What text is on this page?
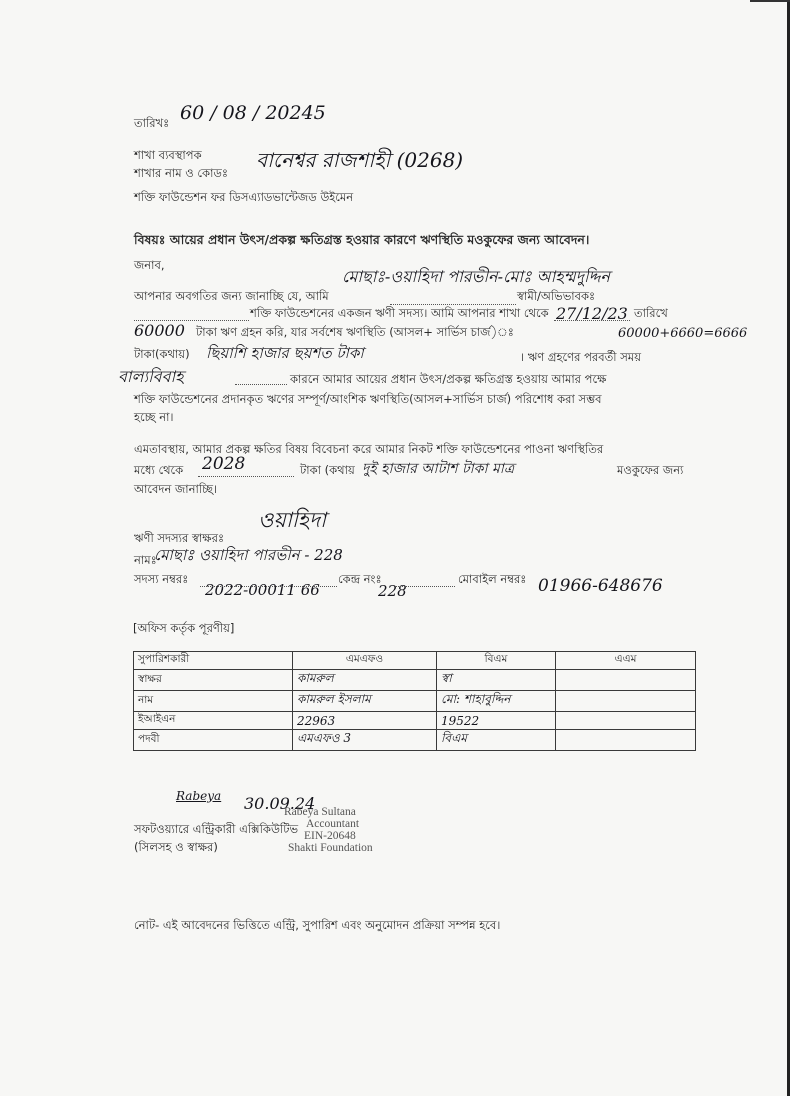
তারিখঃ 60 / 08 / 20245
শাখা ব্যবস্থাপক
শাখার নাম ও কোডঃ
বানেশ্বর রাজশাহী (0268)
শক্তি ফাউন্ডেশন ফর ডিসএ্যাডভান্টেজড উইমেন
বিষয়ঃ আয়ের প্রধান উৎস/প্রকল্প ক্ষতিগ্রস্ত হওয়ার কারণে ঋণস্থিতি মওকুফের জন্য আবেদন।
জনাব,
মোছাঃ-ওয়াহিদা পারভীন-মোঃ আহম্মদুদ্দিন
আপনার অবগতির জন্য জানাচ্ছি যে, আমি	স্বামী/অভিভাবকঃ
শক্তি ফাউন্ডেশনের একজন ঋণী সদস্য। আমি আপনার শাখা থেকে 27/12/23 তারিখে
60000 টাকা ঋণ গ্রহন করি, যার সর্বশেষ ঋণস্থিতি (আসল+ সার্ভিস চার্জ)ঃ	60000+6660=6666
টাকা(কথায়) ছিয়াশি হাজার ছয়শত টাকা	। ঋণ গ্রহণের পরবর্তী সময়
বাল্যবিবাহ	কারনে আমার আয়ের প্রধান উৎস/প্রকল্প ক্ষতিগ্রস্ত হওয়ায় আমার পক্ষে
শক্তি ফাউন্ডেশনের প্রদানকৃত ঋণের সম্পূর্ণ/আংশিক ঋণস্থিতি(আসল+সার্ভিস চার্জ) পরিশোধ করা সম্ভব
হচ্ছে না।
এমতাবস্থায়, আমার প্রকল্প ক্ষতির বিষয় বিবেচনা করে আমার নিকট শক্তি ফাউন্ডেশনের পাওনা ঋণস্থিতির
মধ্যে থেকে 2028	টাকা (কথায় দুই হাজার আটাশ টাকা মাত্র	মওকুফের জন্য
আবেদন জানাচ্ছি।
ঋণী সদস্যর স্বাক্ষরঃ
ওয়াহিদা
নামঃ
মোছাঃ ওয়াহিদা পারভীন - 228
সদস্য নম্বরঃ
2022-00011 66
কেন্দ্র নংঃ
228
মোবাইল নম্বরঃ 01966-648676
[অফিস কর্তৃক পূরণীয়]
সুপারিশকারী	এমএফও	বিএম	এএম
স্বাক্ষর	কামরুল	স্বা	
নাম	কামরুল ইসলাম	মো: শাহাবুদ্দিন	
ইআইএন	22963	19522	
পদবী	এমএফও 3	বিএম	
Rabeya 30.09.24
Rabeya Sultana
Accountant
EIN-20648
Shakti Foundation
সফটওয়্যারে এন্ট্রিকারী এক্সিকিউটিভ
(সিলসহ ও স্বাক্ষর)
নোট- এই আবেদনের ভিত্তিতে এন্ট্রি, সুপারিশ এবং অনুমোদন প্রক্রিয়া সম্পন্ন হবে।
